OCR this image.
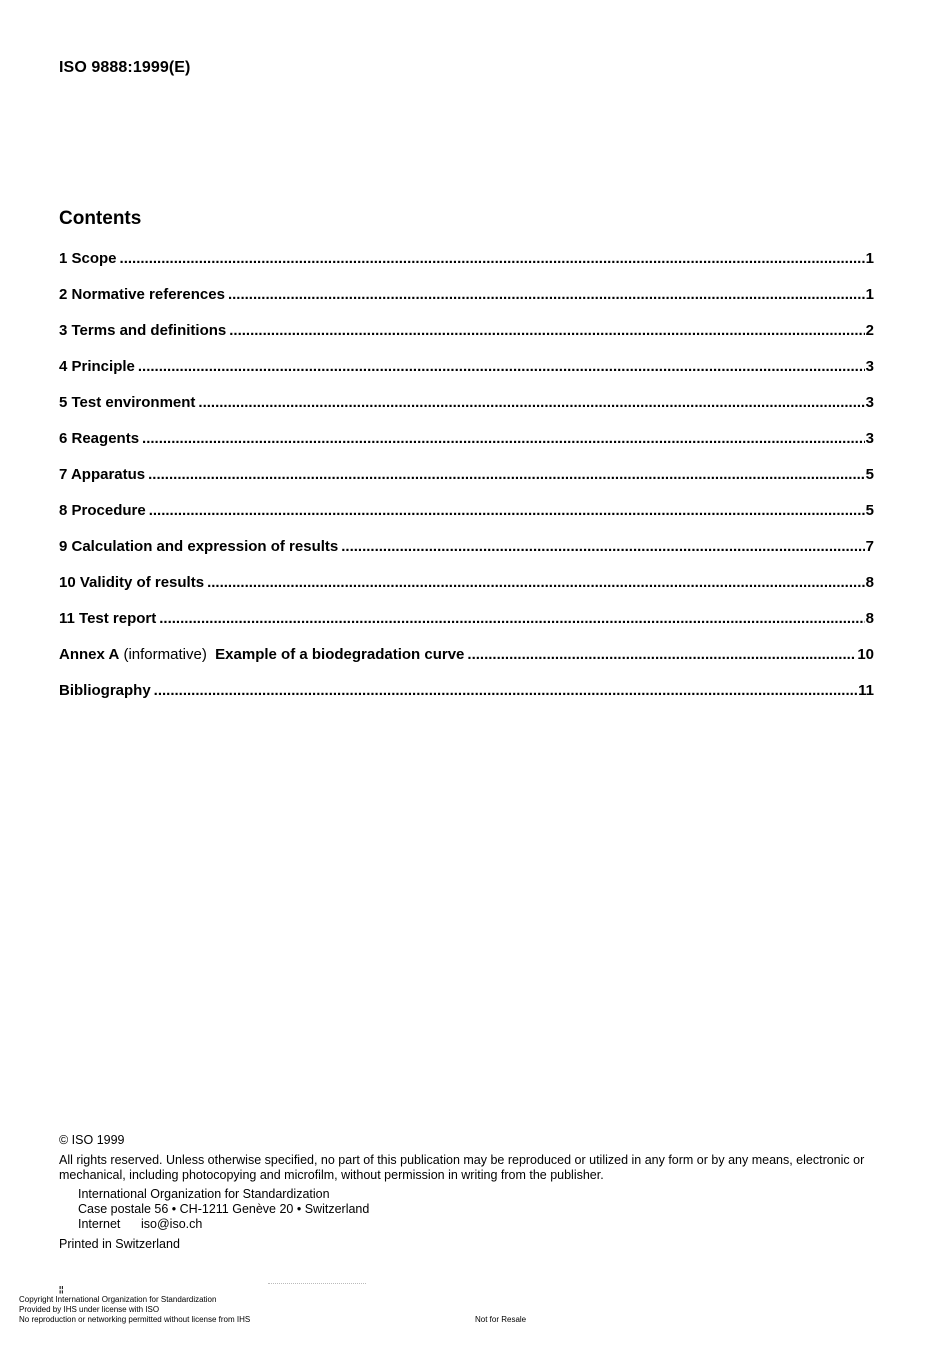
ISO 9888:1999(E)
Contents
1 Scope .....	1
2 Normative references .....	1
3 Terms and definitions .....	2
4 Principle .....	3
5 Test environment .....	3
6 Reagents .....	3
7 Apparatus .....	5
8 Procedure .....	5
9 Calculation and expression of results .....	7
10 Validity of results .....	8
11 Test report .....	8
Annex A (informative) Example of a biodegradation curve .....	10
Bibliography .....	11
© ISO 1999
All rights reserved. Unless otherwise specified, no part of this publication may be reproduced or utilized in any form or by any means, electronic or mechanical, including photocopying and microfilm, without permission in writing from the publisher.
International Organization for Standardization
Case postale 56 • CH-1211 Genève 20 • Switzerland
Internet iso@iso.ch
Printed in Switzerland
¦¦
Copyright International Organization for Standardization
Provided by IHS under license with ISO
No reproduction or networking permitted without license from IHS	Not for Resale
